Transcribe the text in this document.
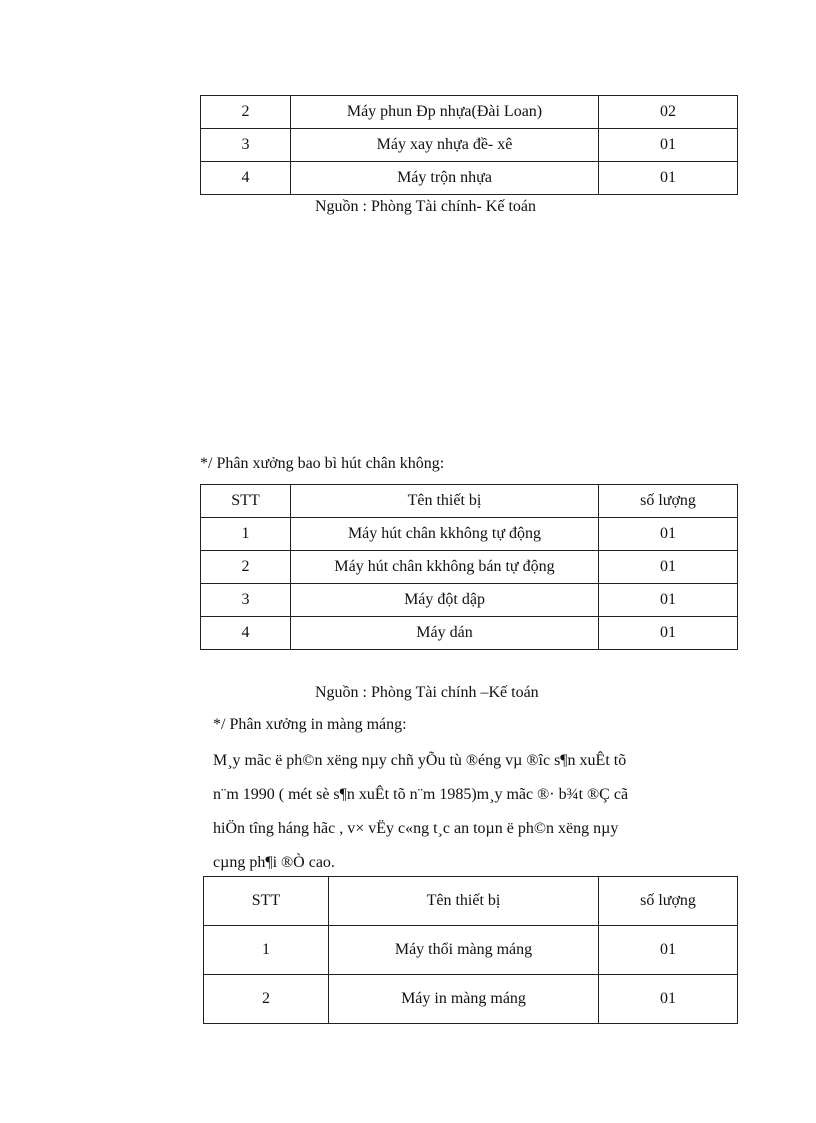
2	Máy phun Đp nhựa(Đài Loan)	02
3	Máy xay nhựa đề- xê	01
4	Máy trộn nhựa	01
Nguồn : Phòng Tài chính- Kế toán
*/ Phân xưởng bao bì hút chân không:
STT	Tên thiết bị	số lượng
1	Máy hút chân kkhông tự động	01
2	Máy hút chân kkhông bán tự động	01
3	Máy đột dập	01
4	Máy dán	01
Nguồn : Phòng Tài chính –Kế toán
*/ Phân xưởng in màng máng:
M¸y mãc ë ph©n xëng nµy chñ yÕu tù ®éng vµ ®îc s¶n xuÊt tõ
n¨m 1990 ( mét sè s¶n xuÊt tõ n¨m 1985)m¸y mãc ®· b¾t ®Ç cã
hiÖn tîng háng hãc , v× vËy c«ng t¸c an toµn ë ph©n xëng nµy
cµng ph¶i ®Ò cao.
STT	Tên thiết bị	số lượng
1	Máy thổi màng máng	01
2	Máy in màng máng	01
